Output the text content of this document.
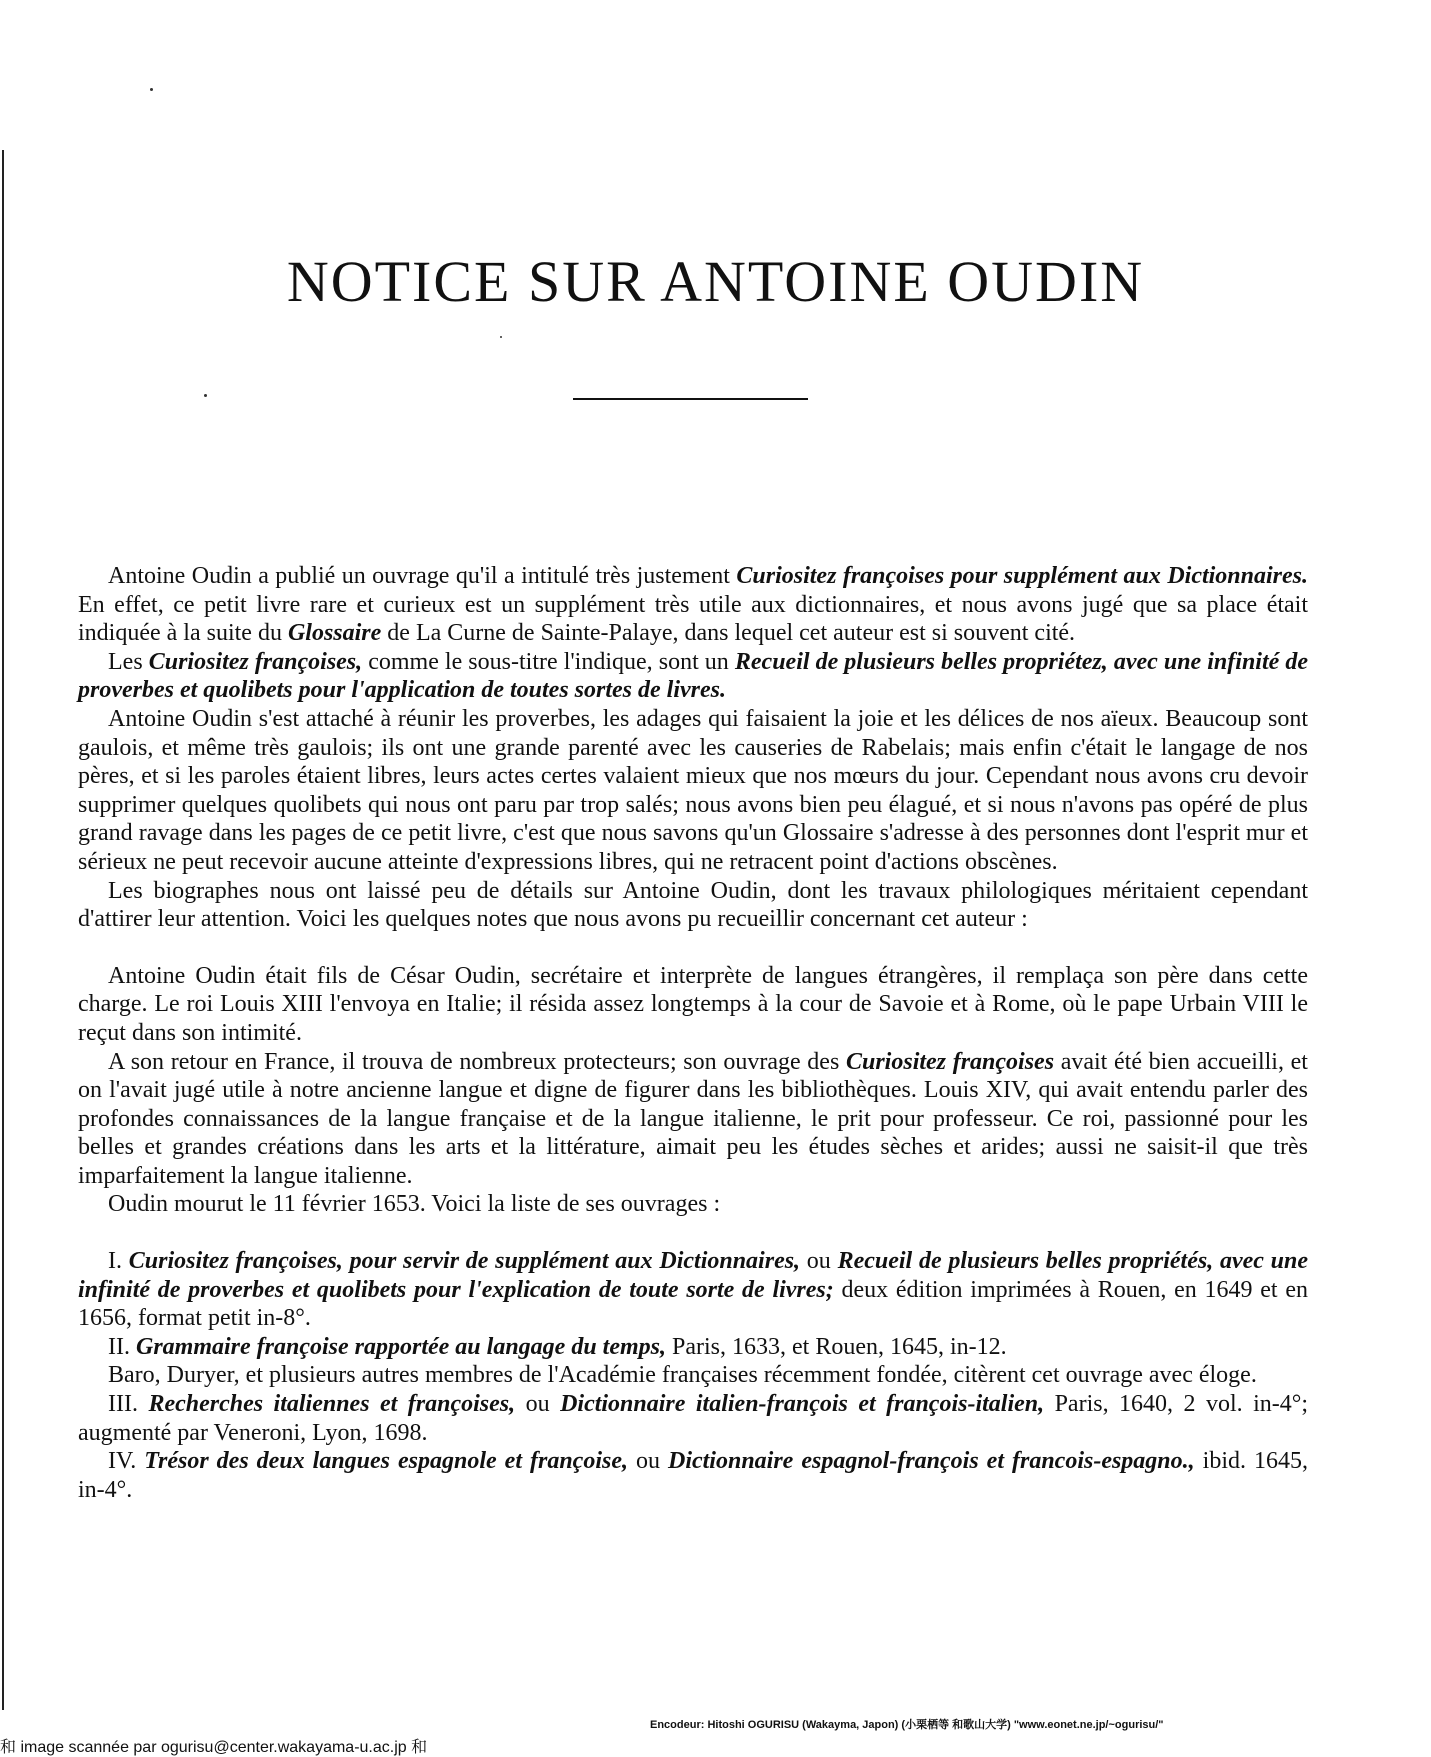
NOTICE SUR ANTOINE OUDIN

Antoine Oudin a publié un ouvrage qu'il a intitulé très justement Curiositez françoises pour supplément aux Dictionnaires. En effet, ce petit livre rare et curieux est un supplément très utile aux dictionnaires, et nous avons jugé que sa place était indiquée à la suite du Glossaire de La Curne de Sainte-Palaye, dans lequel cet auteur est si souvent cité.

Les Curiositez françoises, comme le sous-titre l'indique, sont un Recueil de plusieurs belles propriétez, avec une infinité de proverbes et quolibets pour l'application de toutes sortes de livres.

Antoine Oudin s'est attaché à réunir les proverbes, les adages qui faisaient la joie et les délices de nos aïeux. Beaucoup sont gaulois, et même très gaulois; ils ont une grande parenté avec les causeries de Rabelais; mais enfin c'était le langage de nos pères, et si les paroles étaient libres, leurs actes certes valaient mieux que nos mœurs du jour. Cependant nous avons cru devoir supprimer quelques quolibets qui nous ont paru par trop salés; nous avons bien peu élagué, et si nous n'avons pas opéré de plus grand ravage dans les pages de ce petit livre, c'est que nous savons qu'un Glossaire s'adresse à des personnes dont l'esprit mur et sérieux ne peut recevoir aucune atteinte d'expressions libres, qui ne retracent point d'actions obscènes.

Les biographes nous ont laissé peu de détails sur Antoine Oudin, dont les travaux philologiques méritaient cependant d'attirer leur attention. Voici les quelques notes que nous avons pu recueillir concernant cet auteur :

Antoine Oudin était fils de César Oudin, secrétaire et interprète de langues étrangères, il remplaça son père dans cette charge. Le roi Louis XIII l'envoya en Italie; il résida assez longtemps à la cour de Savoie et à Rome, où le pape Urbain VIII le reçut dans son intimité.

A son retour en France, il trouva de nombreux protecteurs; son ouvrage des Curiositez françoises avait été bien accueilli, et on l'avait jugé utile à notre ancienne langue et digne de figurer dans les bibliothèques. Louis XIV, qui avait entendu parler des profondes connaissances de la langue française et de la langue italienne, le prit pour professeur. Ce roi, passionné pour les belles et grandes créations dans les arts et la littérature, aimait peu les études sèches et arides; aussi ne saisit-il que très imparfaitement la langue italienne.

Oudin mourut le 11 février 1653. Voici la liste de ses ouvrages :

I. Curiositez françoises, pour servir de supplément aux Dictionnaires, ou Recueil de plusieurs belles propriétés, avec une infinité de proverbes et quolibets pour l'explication de toute sorte de livres; deux édition imprimées à Rouen, en 1649 et en 1656, format petit in-8°.

II. Grammaire françoise rapportée au langage du temps, Paris, 1633, et Rouen, 1645, in-12.

Baro, Duryer, et plusieurs autres membres de l'Académie françaises récemment fondée, citèrent cet ouvrage avec éloge.

III. Recherches italiennes et françoises, ou Dictionnaire italien-françois et françois-italien, Paris, 1640, 2 vol. in-4°; augmenté par Veneroni, Lyon, 1698.

IV. Trésor des deux langues espagnole et françoise, ou Dictionnaire espagnol-françois et francois-espagno., ibid. 1645, in-4°.

Encodeur: Hitoshi OGURISU (Wakayma, Japon) (小栗栖等 和歌山大学) "www.eonet.ne.jp/~ogurisu/"
和 image scannée par ogurisu@center.wakayama-u.ac.jp 和
